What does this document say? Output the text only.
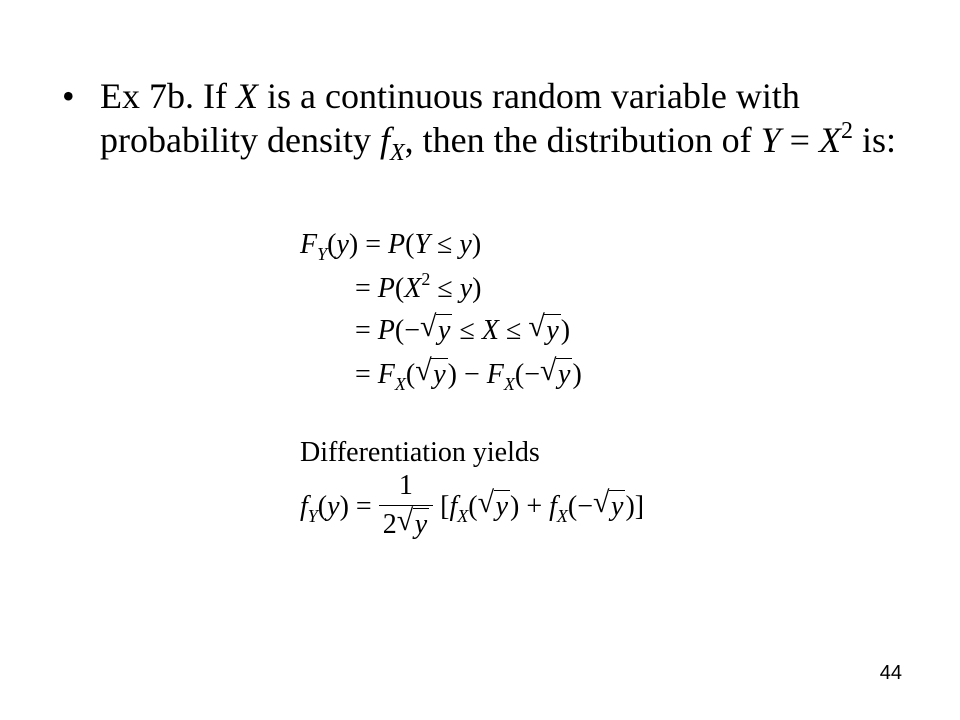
• Ex 7b. If X is a continuous random variable with probability density $f_X$, then the distribution of $Y = X^2$ is:
$F_Y(y) = P(Y \le y)$
= $P(X^2 \le y)$
= P(− √ y ≤ X ≤ √ y)
= $F_X$( √ $y) - F_X(-$ √ y)
Differentiation yields
$f_Y(y) = \frac{1}{2 √ y} [f_X$( √ $y) + f_X(-$ √ y)]
44
